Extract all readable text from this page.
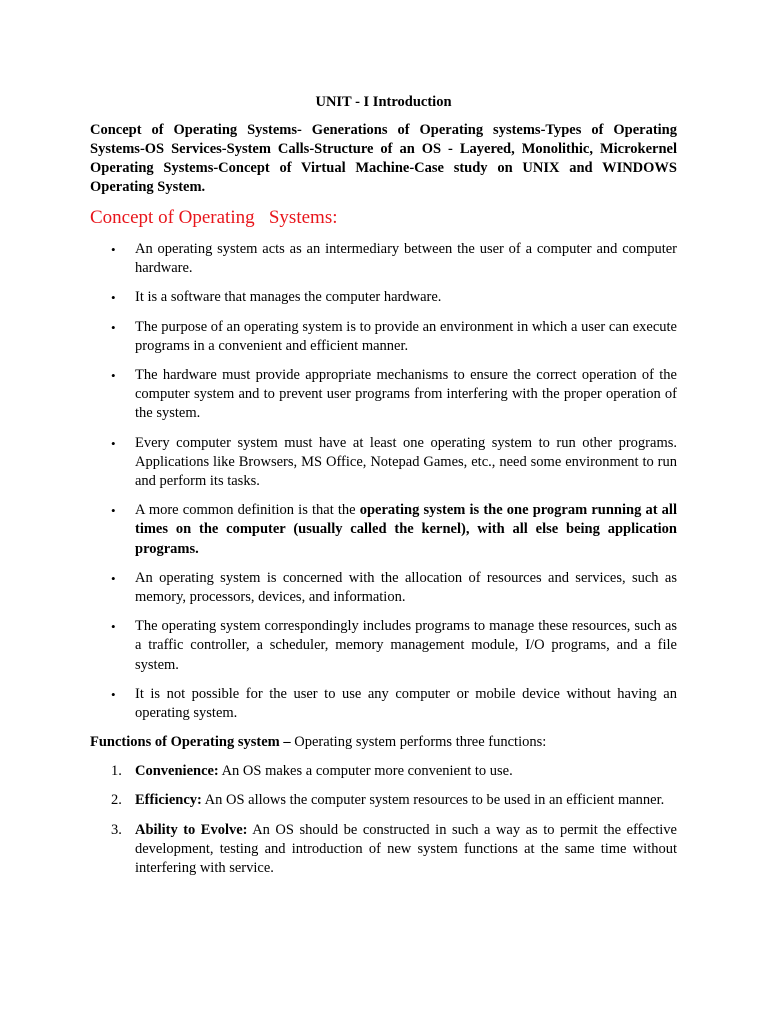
UNIT - I Introduction
Concept of Operating Systems- Generations of Operating systems-Types of Operating Systems-OS Services-System Calls-Structure of an OS - Layered, Monolithic, Microkernel Operating Systems-Concept of Virtual Machine-Case study on UNIX and WINDOWS Operating System.
Concept of Operating   Systems:
• An operating system acts as an intermediary between the user of a computer and computer hardware.
• It is a software that manages the computer hardware.
• The purpose of an operating system is to provide an environment in which a user can execute programs in a convenient and efficient manner.
• The hardware must provide appropriate mechanisms to ensure the correct operation of the computer system and to prevent user programs from interfering with the proper operation of the system.
• Every computer system must have at least one operating system to run other programs. Applications like Browsers, MS Office, Notepad Games, etc., need some environment to run and perform its tasks.
• A more common definition is that the operating system is the one program running at all times on the computer (usually called the kernel), with all else being application programs.
• An operating system is concerned with the allocation of resources and services, such as memory, processors, devices, and information.
• The operating system correspondingly includes programs to manage these resources, such as a traffic controller, a scheduler, memory management module, I/O programs, and a file system.
• It is not possible for the user to use any computer or mobile device without having an operating system.
Functions of Operating system – Operating system performs three functions:
1. Convenience: An OS makes a computer more convenient to use.
2. Efficiency: An OS allows the computer system resources to be used in an efficient manner.
3. Ability to Evolve: An OS should be constructed in such a way as to permit the effective development, testing and introduction of new system functions at the same time without interfering with service.
